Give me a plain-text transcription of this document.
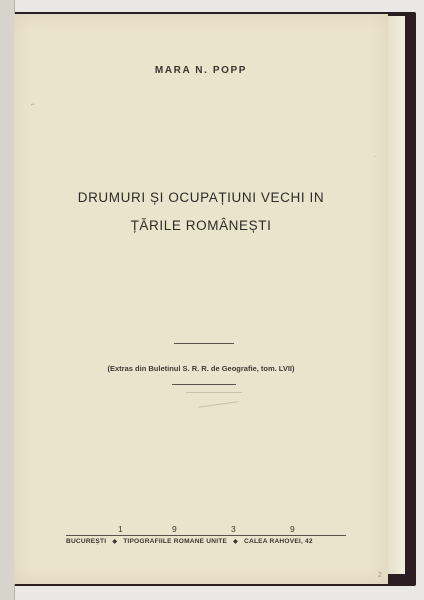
⌐
·
MARA N. POPP
DRUMURI ȘI OCUPAȚIUNI VECHI IN
ȚĂRILE ROMÂNEȘTI
(Extras din Buletinul S. R. R. de Geografie, tom. LVII)
1	9	3	9
BUCUREȘTI ◆ TIPOGRAFIILE ROMANE UNITE ◆ CALEA RAHOVEI, 42
2
